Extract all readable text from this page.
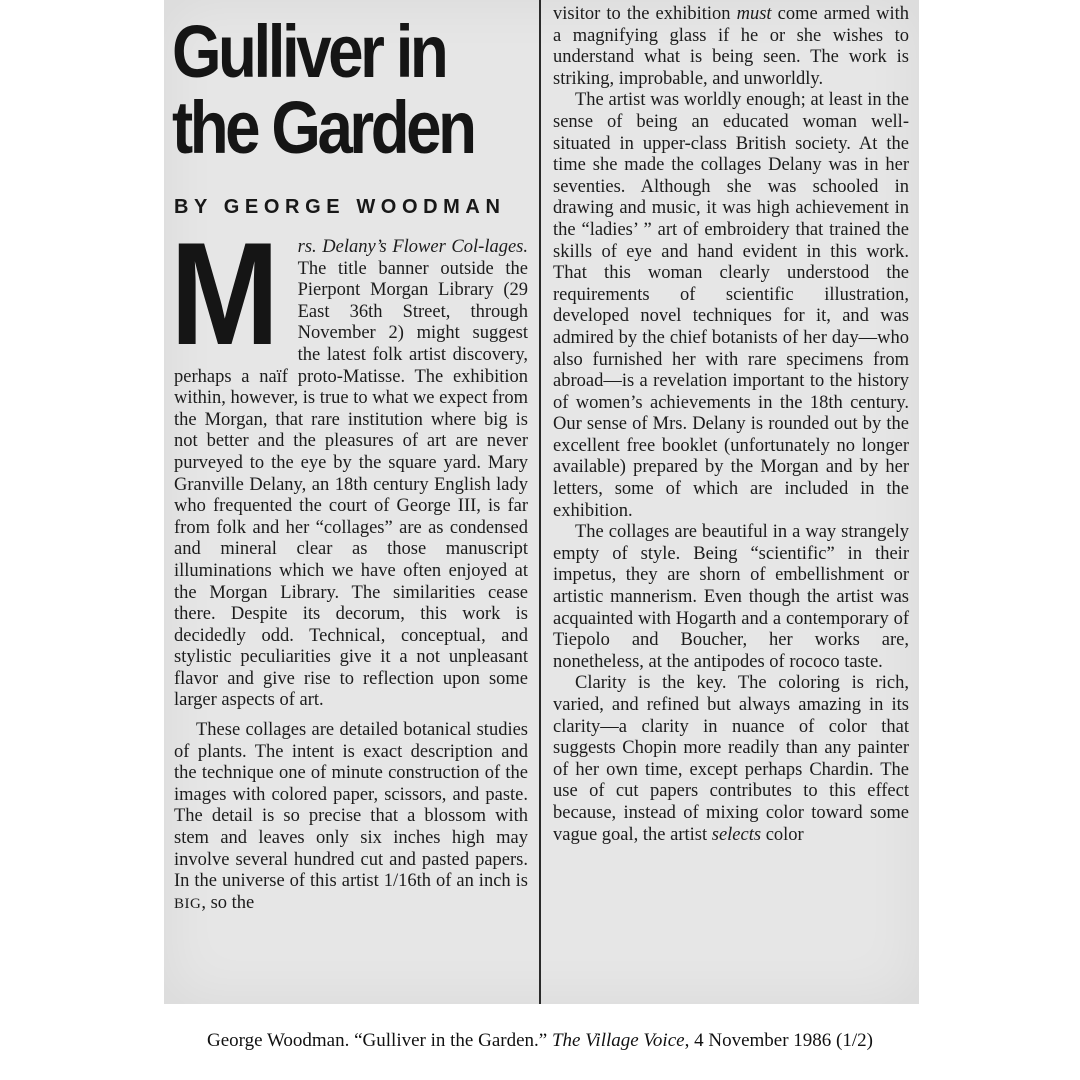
Gulliver in
the Garden
BY GEORGE WOODMAN

Mrs. Delany’s Flower Col-lages. The title banner outside the Pierpont Morgan Library (29 East 36th Street, through November 2) might suggest the latest folk artist discovery, perhaps a naïf proto-Matisse. The exhibition within, however, is true to what we expect from the Morgan, that rare institution where big is not better and the pleasures of art are never purveyed to the eye by the square yard. Mary Granville Delany, an 18th century English lady who frequented the court of George III, is far from folk and her “collages” are as condensed and mineral clear as those manuscript illuminations which we have often enjoyed at the Morgan Library. The similarities cease there. Despite its decorum, this work is decidedly odd. Technical, conceptual, and stylistic peculiarities give it a not unpleasant flavor and give rise to reflection upon some larger aspects of art.

These collages are detailed botanical studies of plants. The intent is exact description and the technique one of minute construction of the images with colored paper, scissors, and paste. The detail is so precise that a blossom with stem and leaves only six inches high may involve several hundred cut and pasted papers. In the universe of this artist 1/16th of an inch is BIG, so the

visitor to the exhibition must come armed with a magnifying glass if he or she wishes to understand what is being seen. The work is striking, improbable, and unworldly.

The artist was worldly enough; at least in the sense of being an educated woman well-situated in upper-class British society. At the time she made the collages Delany was in her seventies. Although she was schooled in drawing and music, it was high achievement in the “ladies’ ” art of embroidery that trained the skills of eye and hand evident in this work. That this woman clearly understood the requirements of scientific illustration, developed novel techniques for it, and was admired by the chief botanists of her day—who also furnished her with rare specimens from abroad—is a revelation important to the history of women’s achievements in the 18th century. Our sense of Mrs. Delany is rounded out by the excellent free booklet (unfortunately no longer available) prepared by the Morgan and by her letters, some of which are included in the exhibition.

The collages are beautiful in a way strangely empty of style. Being “scientific” in their impetus, they are shorn of embellishment or artistic mannerism. Even though the artist was acquainted with Hogarth and a contemporary of Tiepolo and Boucher, her works are, nonetheless, at the antipodes of rococo taste.

Clarity is the key. The coloring is rich, varied, and refined but always amazing in its clarity—a clarity in nuance of color that suggests Chopin more readily than any painter of her own time, except perhaps Chardin. The use of cut papers contributes to this effect because, instead of mixing color toward some vague goal, the artist selects color

George Woodman. “Gulliver in the Garden.” The Village Voice, 4 November 1986 (1/2)
